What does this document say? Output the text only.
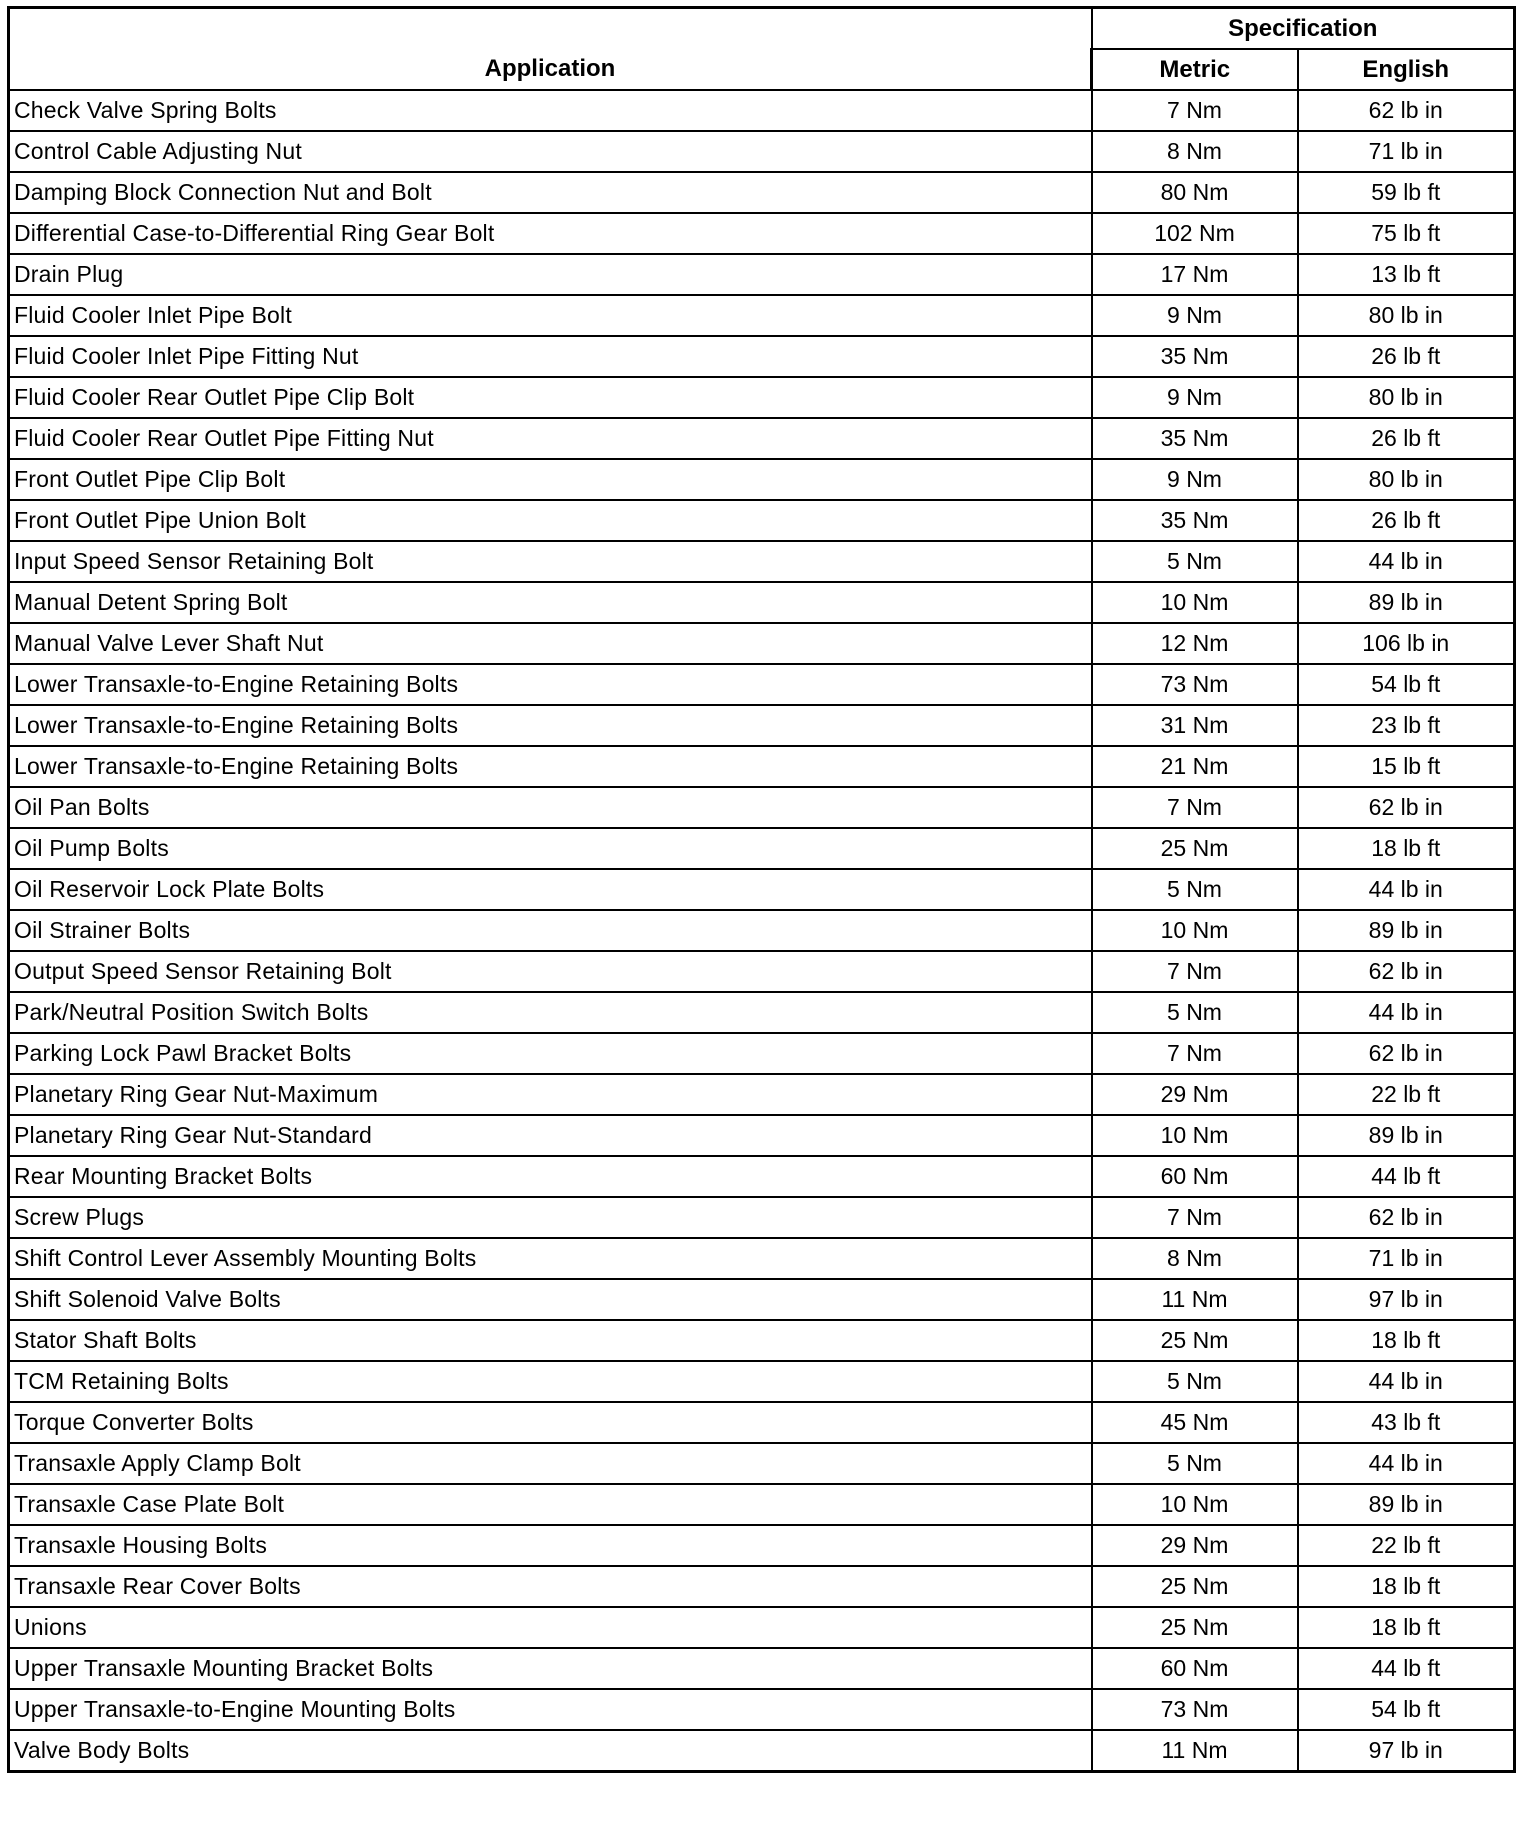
Application	Specification	
	Metric	English
Check Valve Spring Bolts	7 Nm	62 lb in
Control Cable Adjusting Nut	8 Nm	71 lb in
Damping Block Connection Nut and Bolt	80 Nm	59 lb ft
Differential Case-to-Differential Ring Gear Bolt	102 Nm	75 lb ft
Drain Plug	17 Nm	13 lb ft
Fluid Cooler Inlet Pipe Bolt	9 Nm	80 lb in
Fluid Cooler Inlet Pipe Fitting Nut	35 Nm	26 lb ft
Fluid Cooler Rear Outlet Pipe Clip Bolt	9 Nm	80 lb in
Fluid Cooler Rear Outlet Pipe Fitting Nut	35 Nm	26 lb ft
Front Outlet Pipe Clip Bolt	9 Nm	80 lb in
Front Outlet Pipe Union Bolt	35 Nm	26 lb ft
Input Speed Sensor Retaining Bolt	5 Nm	44 lb in
Manual Detent Spring Bolt	10 Nm	89 lb in
Manual Valve Lever Shaft Nut	12 Nm	106 lb in
Lower Transaxle-to-Engine Retaining Bolts	73 Nm	54 lb ft
Lower Transaxle-to-Engine Retaining Bolts	31 Nm	23 lb ft
Lower Transaxle-to-Engine Retaining Bolts	21 Nm	15 lb ft
Oil Pan Bolts	7 Nm	62 lb in
Oil Pump Bolts	25 Nm	18 lb ft
Oil Reservoir Lock Plate Bolts	5 Nm	44 lb in
Oil Strainer Bolts	10 Nm	89 lb in
Output Speed Sensor Retaining Bolt	7 Nm	62 lb in
Park/Neutral Position Switch Bolts	5 Nm	44 lb in
Parking Lock Pawl Bracket Bolts	7 Nm	62 lb in
Planetary Ring Gear Nut-Maximum	29 Nm	22 lb ft
Planetary Ring Gear Nut-Standard	10 Nm	89 lb in
Rear Mounting Bracket Bolts	60 Nm	44 lb ft
Screw Plugs	7 Nm	62 lb in
Shift Control Lever Assembly Mounting Bolts	8 Nm	71 lb in
Shift Solenoid Valve Bolts	11 Nm	97 lb in
Stator Shaft Bolts	25 Nm	18 lb ft
TCM Retaining Bolts	5 Nm	44 lb in
Torque Converter Bolts	45 Nm	43 lb ft
Transaxle Apply Clamp Bolt	5 Nm	44 lb in
Transaxle Case Plate Bolt	10 Nm	89 lb in
Transaxle Housing Bolts	29 Nm	22 lb ft
Transaxle Rear Cover Bolts	25 Nm	18 lb ft
Unions	25 Nm	18 lb ft
Upper Transaxle Mounting Bracket Bolts	60 Nm	44 lb ft
Upper Transaxle-to-Engine Mounting Bolts	73 Nm	54 lb ft
Valve Body Bolts	11 Nm	97 lb in
